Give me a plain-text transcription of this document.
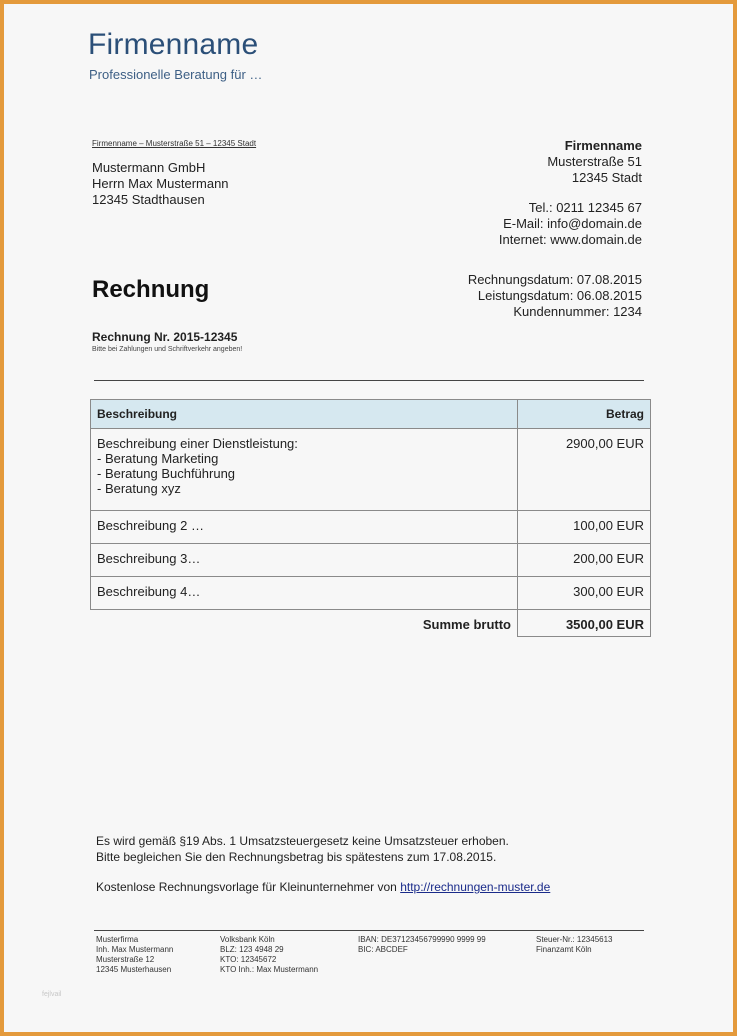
Firmenname
Professionelle Beratung für …
Firmenname – Musterstraße 51 – 12345 Stadt
Mustermann GmbH
Herrn Max Mustermann
12345 Stadthausen
Firmenname
Musterstraße 51
12345 Stadt
Tel.: 0211 12345 67
E-Mail: info@domain.de
Internet: www.domain.de
Rechnung	Rechnungsdatum: 07.08.2015
Leistungsdatum: 06.08.2015
Kundennummer: 1234
Rechnung Nr. 2015-12345
Bitte bei Zahlungen und Schriftverkehr angeben!
Beschreibung	Betrag

Beschreibung einer Dienstleistung:
- Beratung Marketing
- Beratung Buchführung
- Beratung xyz	2900,00 EUR
Beschreibung 2 …	100,00 EUR
Beschreibung 3…	200,00 EUR
Beschreibung 4…	300,00 EUR
Summe brutto	3500,00 EUR
Es wird gemäß §19 Abs. 1 Umsatzsteuergesetz keine Umsatzsteuer erhoben.
Bitte begleichen Sie den Rechnungsbetrag bis spätestens zum 17.08.2015.
Kostenlose Rechnungsvorlage für Kleinunternehmer von http://rechnungen-muster.de
Musterfirma
Inh. Max Mustermann
Musterstraße 12
12345 Musterhausen
Volksbank Köln
BLZ: 123 4948 29
KTO: 12345672
KTO Inh.: Max Mustermann
IBAN: DE37123456799990 9999 99
BIC: ABCDEF
Steuer-Nr.: 12345613
Finanzamt Köln
fejlvail
